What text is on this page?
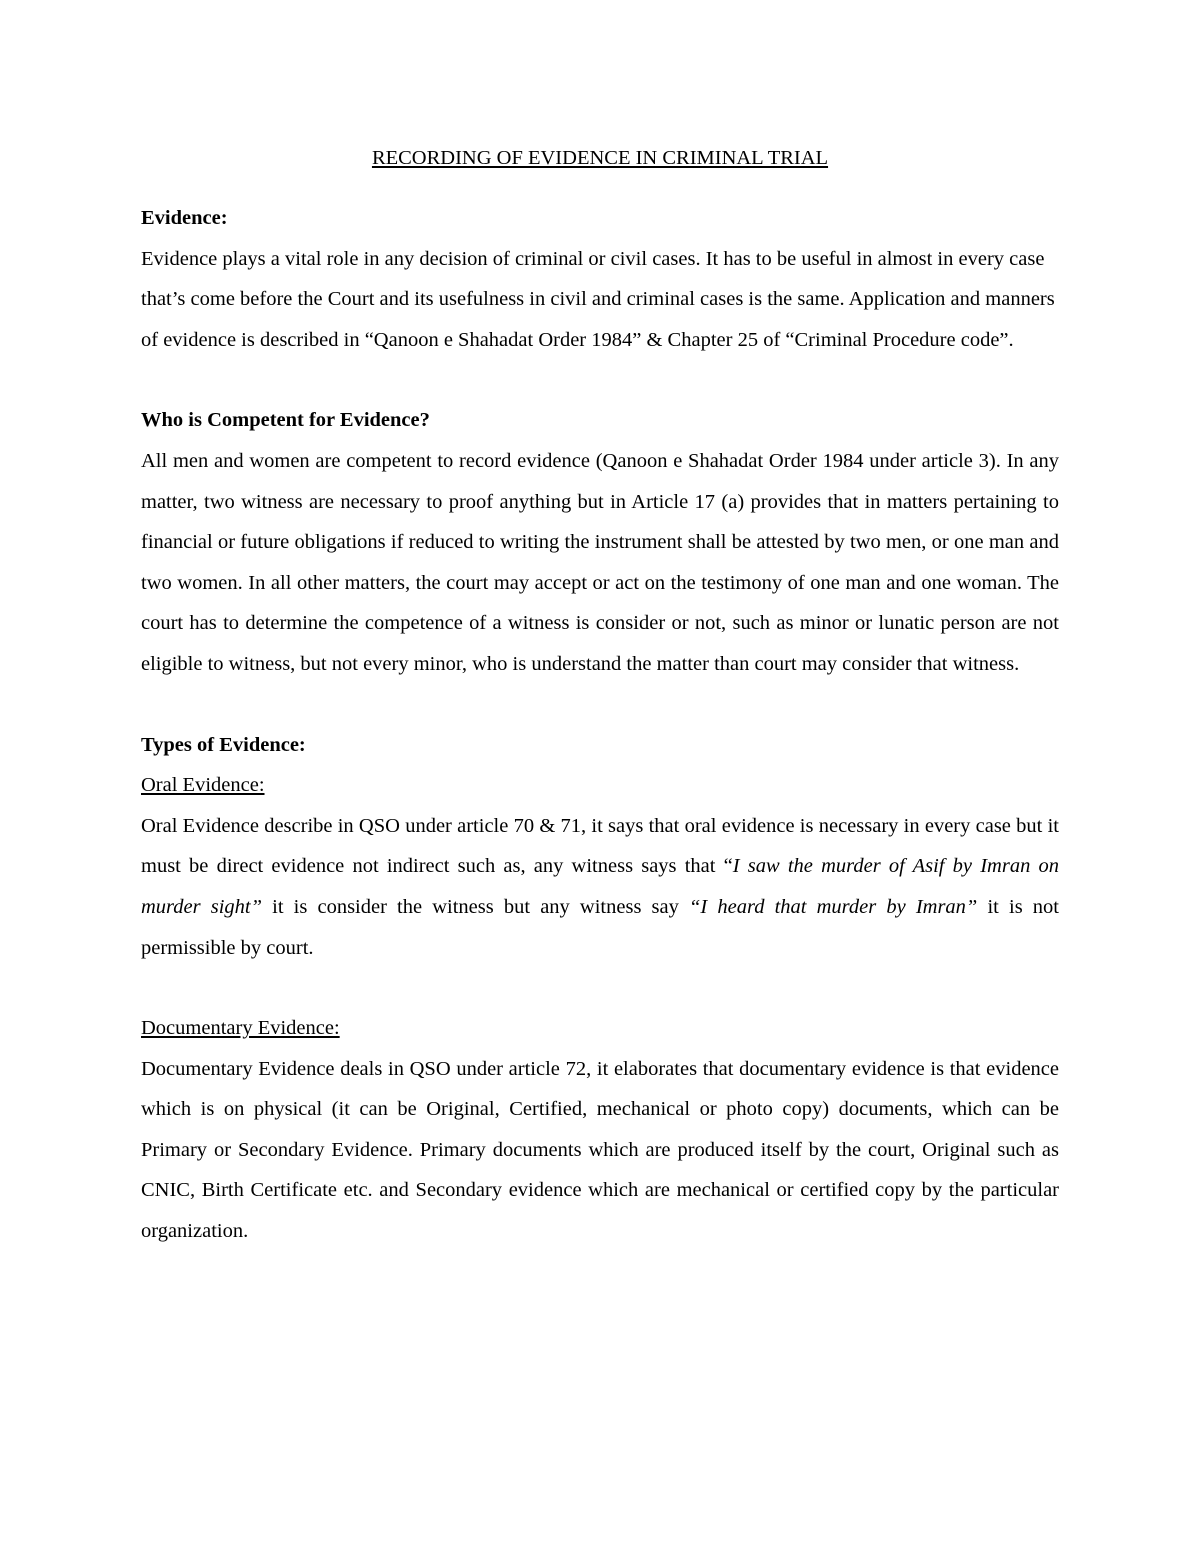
RECORDING OF EVIDENCE IN CRIMINAL TRIAL

Evidence:

Evidence plays a vital role in any decision of criminal or civil cases. It has to be useful in almost in every case that’s come before the Court and its usefulness in civil and criminal cases is the same. Application and manners of evidence is described in “Qanoon e Shahadat Order 1984” & Chapter 25 of “Criminal Procedure code”.

Who is Competent for Evidence?

All men and women are competent to record evidence (Qanoon e Shahadat Order 1984 under article 3). In any matter, two witness are necessary to proof anything but in Article 17 (a) provides that in matters pertaining to financial or future obligations if reduced to writing the instrument shall be attested by two men, or one man and two women. In all other matters, the court may accept or act on the testimony of one man and one woman. The court has to determine the competence of a witness is consider or not, such as minor or lunatic person are not eligible to witness, but not every minor, who is understand the matter than court may consider that witness.

Types of Evidence:

Oral Evidence:

Oral Evidence describe in QSO under article 70 & 71, it says that oral evidence is necessary in every case but it must be direct evidence not indirect such as, any witness says that “I saw the murder of Asif by Imran on murder sight” it is consider the witness but any witness say “I heard that murder by Imran” it is not permissible by court.

Documentary Evidence:

Documentary Evidence deals in QSO under article 72, it elaborates that documentary evidence is that evidence which is on physical (it can be Original, Certified, mechanical or photo copy) documents, which can be Primary or Secondary Evidence. Primary documents which are produced itself by the court, Original such as CNIC, Birth Certificate etc. and Secondary evidence which are mechanical or certified copy by the particular organization.
